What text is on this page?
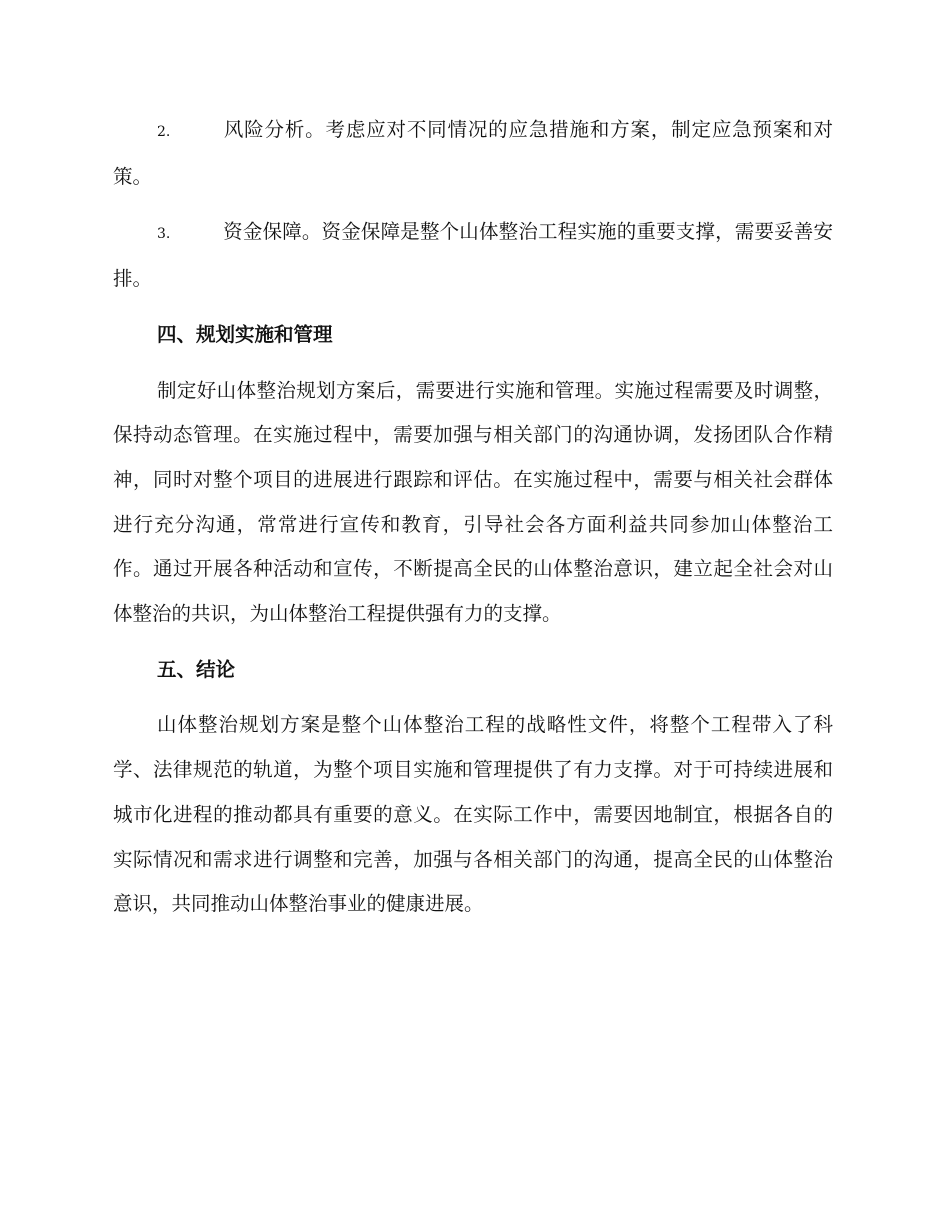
2.	风险分析。考虑应对不同情况的应急措施和方案，制定应急预案和对策。

3.	资金保障。资金保障是整个山体整治工程实施的重要支撑，需要妥善安排。

四、规划实施和管理

制定好山体整治规划方案后，需要进行实施和管理。实施过程需要及时调整，保持动态管理。在实施过程中，需要加强与相关部门的沟通协调，发扬团队合作精神，同时对整个项目的进展进行跟踪和评估。在实施过程中，需要与相关社会群体进行充分沟通，常常进行宣传和教育，引导社会各方面利益共同参加山体整治工作。通过开展各种活动和宣传，不断提高全民的山体整治意识，建立起全社会对山体整治的共识，为山体整治工程提供强有力的支撑。

五、结论

山体整治规划方案是整个山体整治工程的战略性文件，将整个工程带入了科学、法律规范的轨道，为整个项目实施和管理提供了有力支撑。对于可持续进展和城市化进程的推动都具有重要的意义。在实际工作中，需要因地制宜，根据各自的实际情况和需求进行调整和完善，加强与各相关部门的沟通，提高全民的山体整治意识，共同推动山体整治事业的健康进展。
